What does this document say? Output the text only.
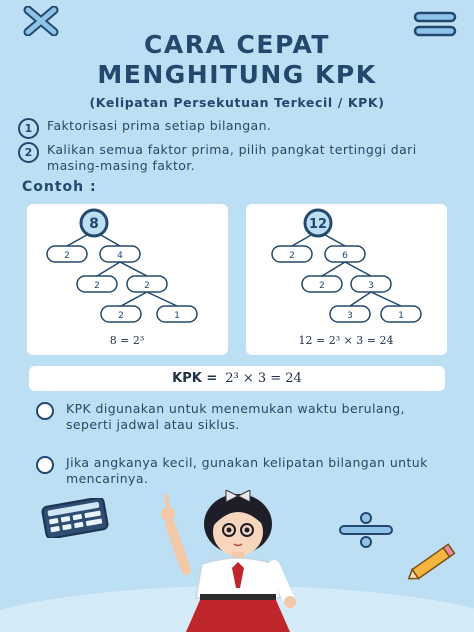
CARA CEPAT
MENGHITUNG KPK
(Kelipatan Persekutuan Terkecil / KPK)
1	Faktorisasi prima setiap bilangan.
2	Kalikan semua faktor prima, pilih pangkat tertinggi dari masing-masing faktor.
Contoh :
8
2	4
2	2
2	1
8 = 2³
12
2	6
2	3
3	1
12 = 2³ × 3 = 24
KPK = 2³ × 3 = 24
KPK digunakan untuk menemukan waktu berulang, seperti jadwal atau siklus.
Jika angkanya kecil, gunakan kelipatan bilangan untuk mencarinya.
